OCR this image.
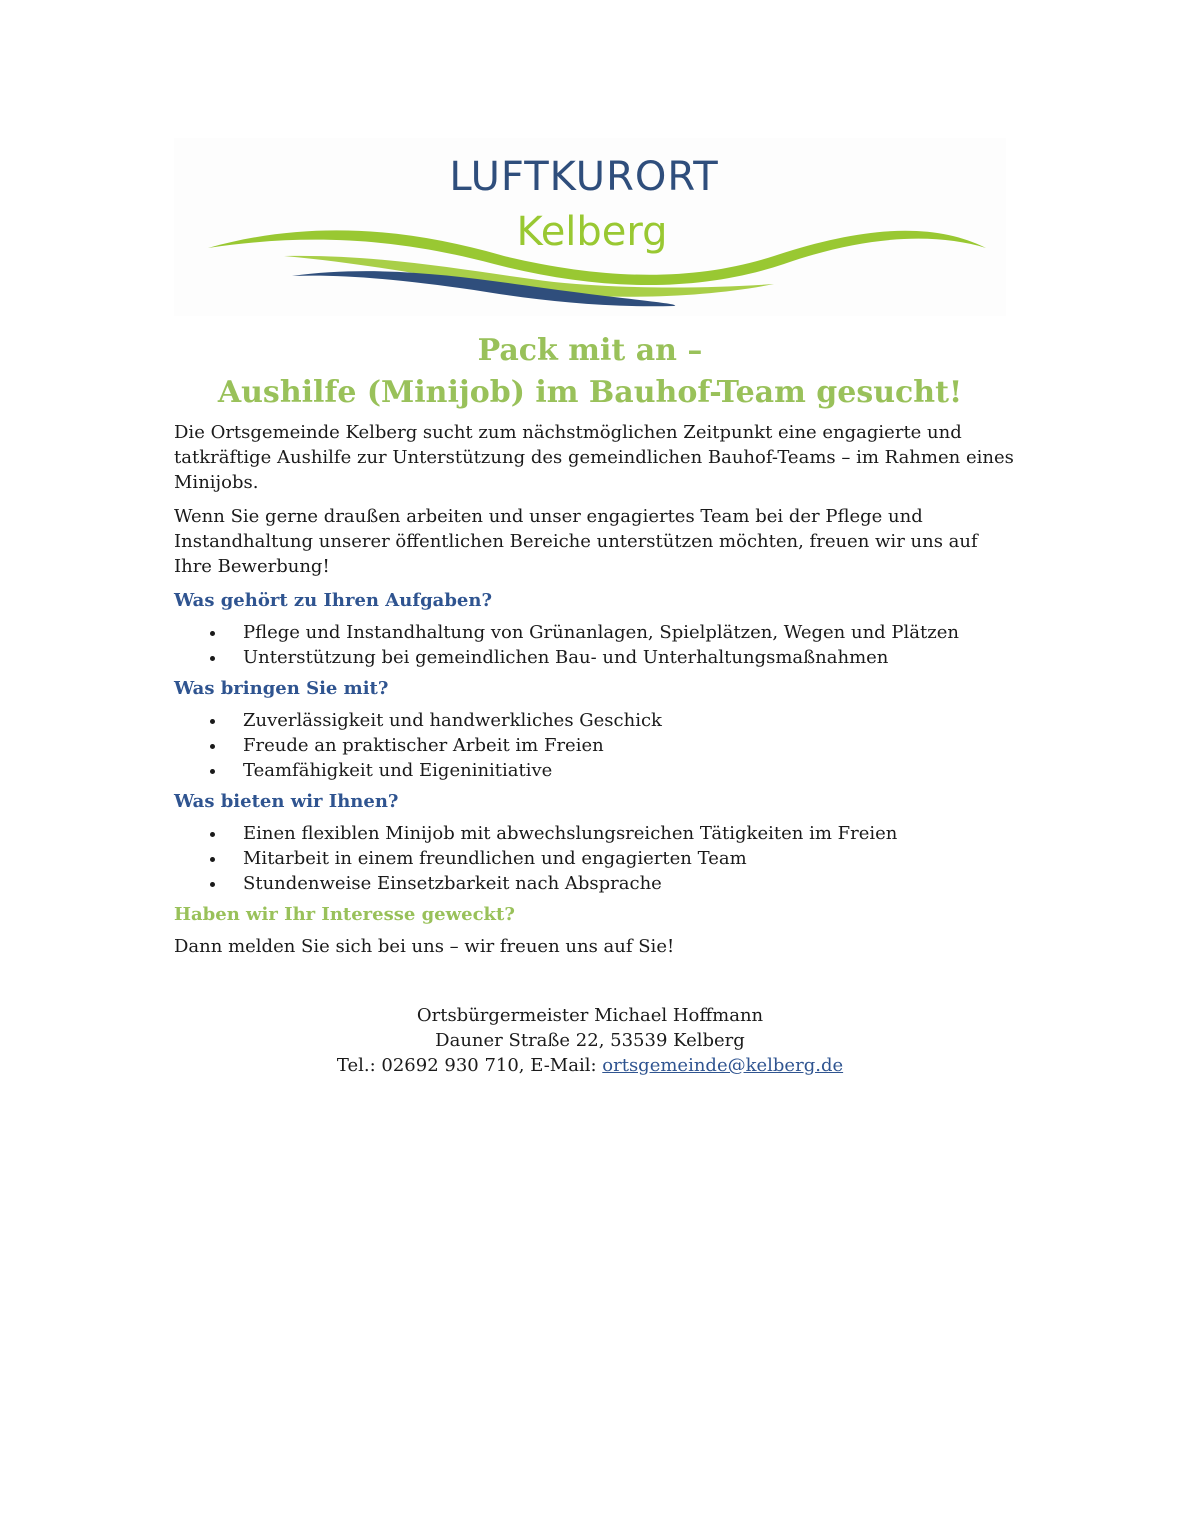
LUFTKURORT
Kelberg
Pack mit an –
Aushilfe (Minijob) im Bauhof-Team gesucht!

Die Ortsgemeinde Kelberg sucht zum nächstmöglichen Zeitpunkt eine engagierte und tatkräftige Aushilfe zur Unterstützung des gemeindlichen Bauhof-Teams – im Rahmen eines Minijobs.

Wenn Sie gerne draußen arbeiten und unser engagiertes Team bei der Pflege und Instandhaltung unserer öffentlichen Bereiche unterstützen möchten, freuen wir uns auf Ihre Bewerbung!

Was gehört zu Ihren Aufgaben?
Pflege und Instandhaltung von Grünanlagen, Spielplätzen, Wegen und Plätzen
Unterstützung bei gemeindlichen Bau- und Unterhaltungsmaßnahmen
Was bringen Sie mit?
Zuverlässigkeit und handwerkliches Geschick
Freude an praktischer Arbeit im Freien
Teamfähigkeit und Eigeninitiative
Was bieten wir Ihnen?
Einen flexiblen Minijob mit abwechslungsreichen Tätigkeiten im Freien
Mitarbeit in einem freundlichen und engagierten Team
Stundenweise Einsetzbarkeit nach Absprache
Haben wir Ihr Interesse geweckt?

Dann melden Sie sich bei uns – wir freuen uns auf Sie!

Ortsbürgermeister Michael Hoffmann
Dauner Straße 22, 53539 Kelberg
Tel.: 02692 930 710, E-Mail: ortsgemeinde@kelberg.de
